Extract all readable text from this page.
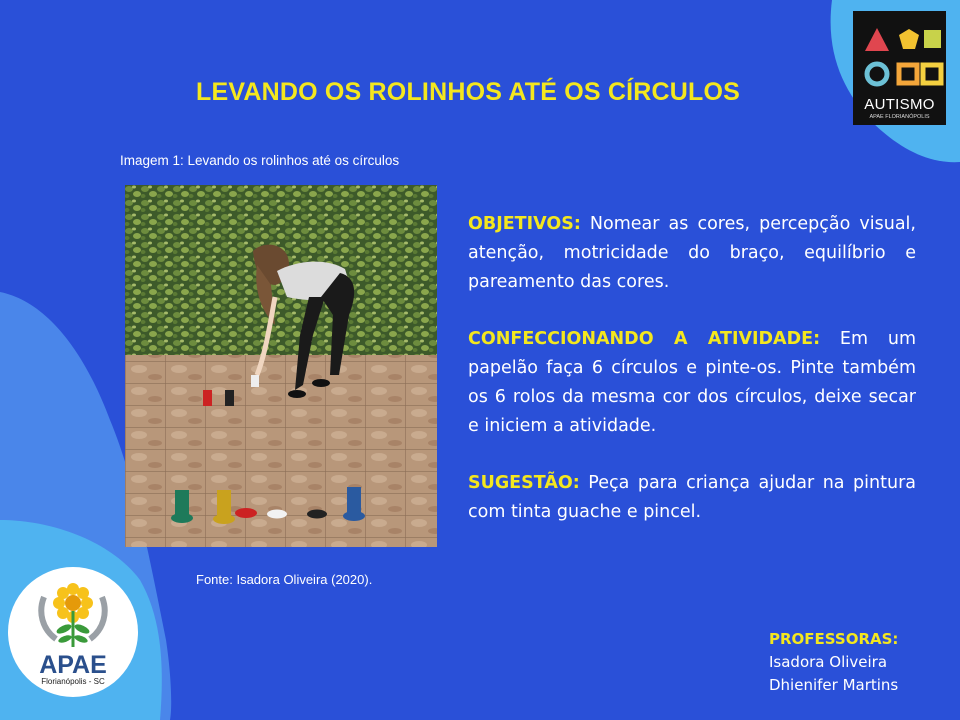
LEVANDO OS ROLINHOS ATÉ OS CÍRCULOS
Imagem 1: Levando os rolinhos até os círculos
Fonte: Isadora Oliveira (2020).

OBJETIVOS: Nomear as cores, percepção visual, atenção, motricidade do braço, equilíbrio e pareamento das cores.

CONFECCIONANDO A ATIVIDADE: Em um papelão faça 6 círculos e pinte-os. Pinte também os 6 rolos da mesma cor dos círculos, deixe secar e iniciem a atividade.

SUGESTÃO: Peça para criança ajudar na pintura com tinta guache e pincel.

PROFESSORAS:
Isadora Oliveira
Dhienifer Martins
AUTISMO
APAE FLORIANÓPOLIS
APAE
Florianópolis - SC
